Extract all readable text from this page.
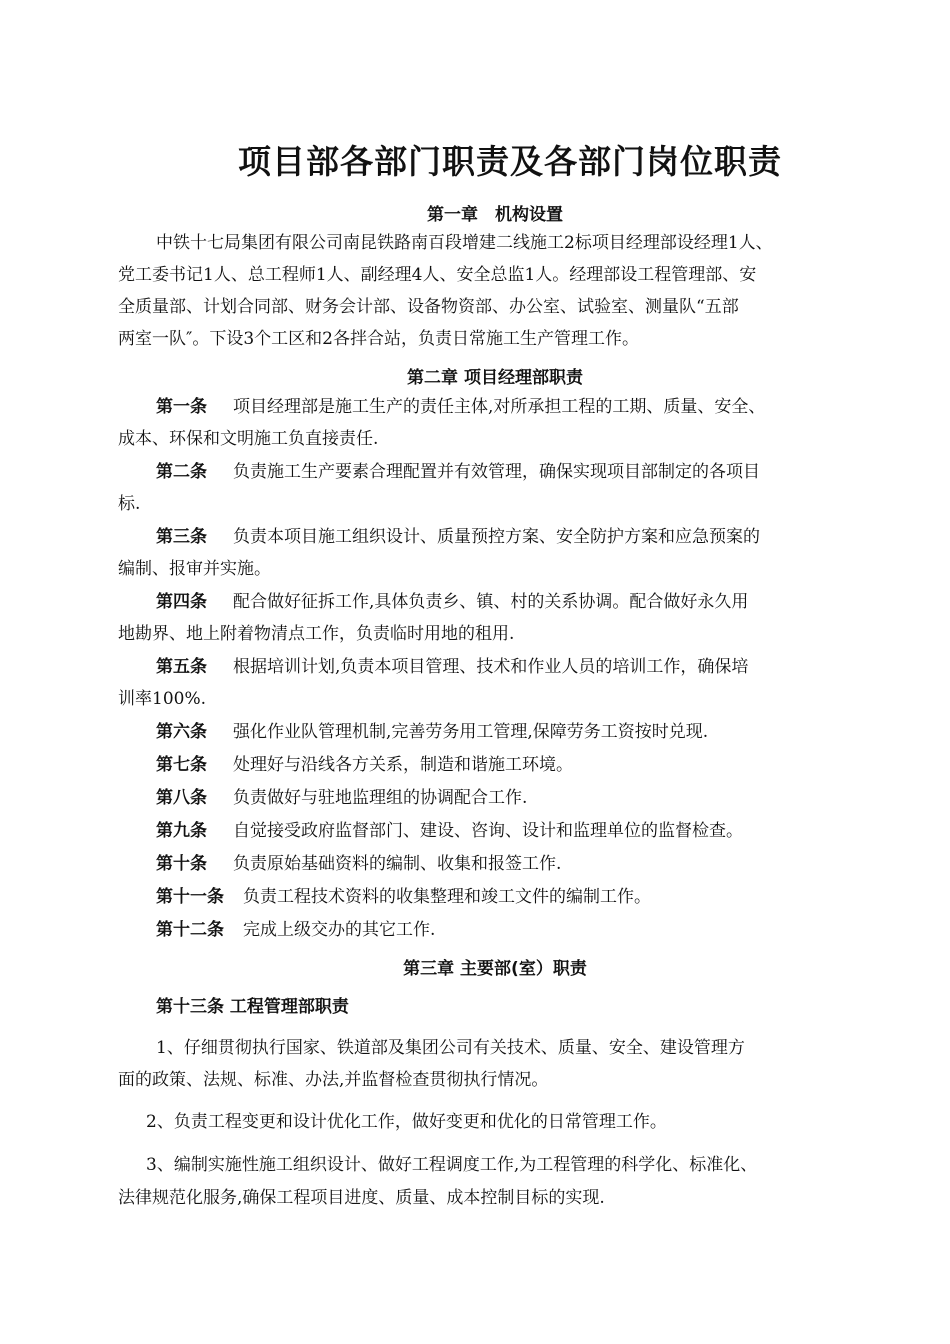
项目部各部门职责及各部门岗位职责
第一章　机构设置
中铁十七局集团有限公司南昆铁路南百段增建二线施工2标项目经理部设经理1人、
党工委书记1人、总工程师1人、副经理4人、安全总监1人。经理部设工程管理部、安
全质量部、计划合同部、财务会计部、设备物资部、办公室、试验室、测量队“五部
两室一队″。下设3个工区和2各拌合站，负责日常施工生产管理工作。
第二章 项目经理部职责
第一条 项目经理部是施工生产的责任主体,对所承担工程的工期、质量、安全、
成本、环保和文明施工负直接责任.
第二条 负责施工生产要素合理配置并有效管理，确保实现项目部制定的各项目
标.
第三条 负责本项目施工组织设计、质量预控方案、安全防护方案和应急预案的
编制、报审并实施。
第四条 配合做好征拆工作,具体负责乡、镇、村的关系协调。配合做好永久用
地勘界、地上附着物清点工作，负责临时用地的租用.
第五条 根据培训计划,负责本项目管理、技术和作业人员的培训工作，确保培
训率100%.
第六条 强化作业队管理机制,完善劳务用工管理,保障劳务工资按时兑现.
第七条 处理好与沿线各方关系，制造和谐施工环境。
第八条 负责做好与驻地监理组的协调配合工作.
第九条 自觉接受政府监督部门、建设、咨询、设计和监理单位的监督检查。
第十条 负责原始基础资料的编制、收集和报签工作.
第十一条 负责工程技术资料的收集整理和竣工文件的编制工作。
第十二条 完成上级交办的其它工作.
第三章 主要部(室）职责
第十三条 工程管理部职责
1、仔细贯彻执行国家、铁道部及集团公司有关技术、质量、安全、建设管理方
面的政策、法规、标准、办法,并监督检查贯彻执行情况。
2、负责工程变更和设计优化工作，做好变更和优化的日常管理工作。
3、编制实施性施工组织设计、做好工程调度工作,为工程管理的科学化、标准化、
法律规范化服务,确保工程项目进度、质量、成本控制目标的实现.
